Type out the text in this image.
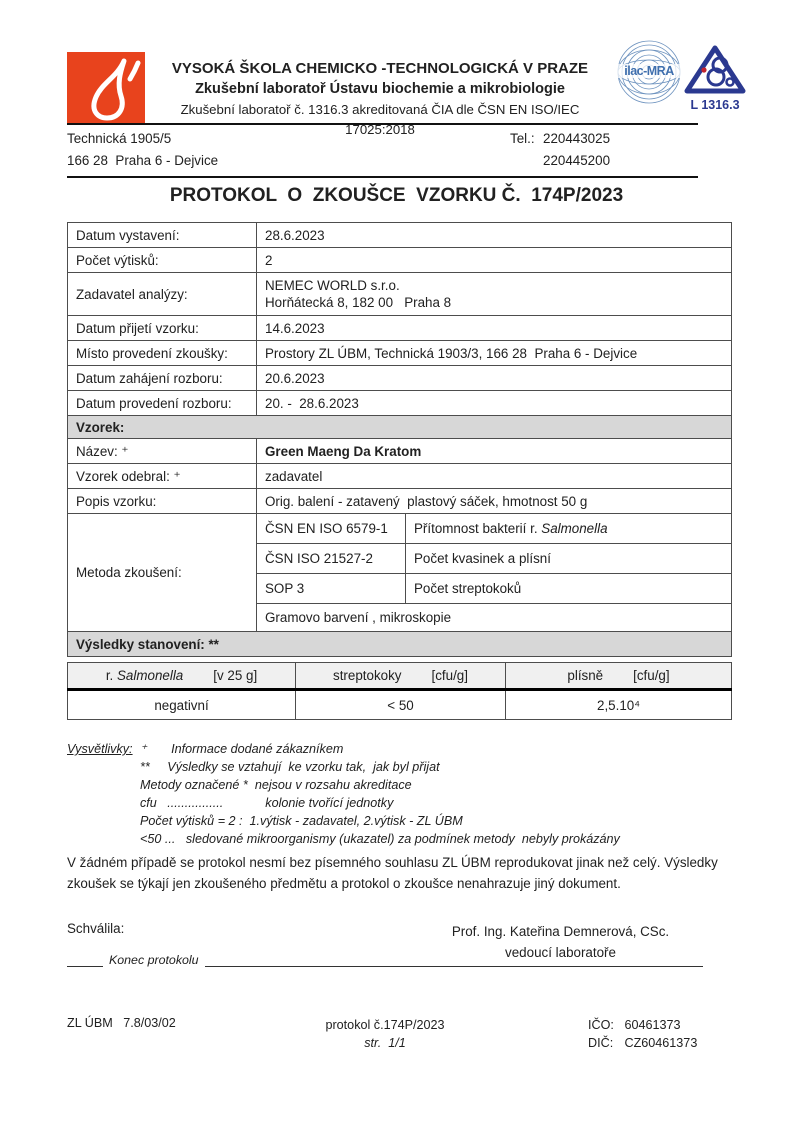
VYSOKÁ ŠKOLA CHEMICKO -TECHNOLOGICKÁ V PRAZE
Zkušební laboratoř Ústavu biochemie a mikrobiologie
Zkušební laboratoř č. 1316.3 akreditovaná ČIA dle ČSN EN ISO/IEC 17025:2018
ilac-MRA
L 1316.3
Technická 1905/5	Tel.: 220443025
166 28  Praha 6 - Dejvice	220445200
PROTOKOL  O  ZKOUŠCE  VZORKU Č.  174P/2023
Datum vystavení:	28.6.2023	
Počet výtisků:	2	
Zadavatel analýzy:	NEMEC WORLD s.r.o.
Horňátecká 8, 182 00   Praha 8	

Datum přijetí vzorku:	14.6.2023	
Místo provedení zkoušky:	Prostory ZL ÚBM, Technická 1903/3, 166 28  Praha 6 - Dejvice	
Datum zahájení rozboru:	20.6.2023	
Datum provedení rozboru:	20. -  28.6.2023	
Vzorek:		
Název: ⁺	Green Maeng Da Kratom	
Vzorek odebral: ⁺	zadavatel	
Popis vzorku:	Orig. balení - zatavený  plastový sáček, hmotnost 50 g	
Metoda zkoušení:	ČSN EN ISO 6579-1	Přítomnost bakterií r. Salmonella
	ČSN ISO 21527-2	Počet kvasinek a plísní
	SOP 3	Počet streptokoků
	Gramovo barvení , mikroskopie	
Výsledky stanovení: **		
r. Salmonella [v 25 g]	streptokoky [cfu/g]	plísně [cfu/g]

negativní	< 50	2,5.10⁴
Vysvětlivky: ⁺       Informace dodané zákazníkem
**     Výsledky se vztahují  ke vzorku tak,  jak byl přijat
Metody označené *  nejsou v rozsahu akreditace
cfu   ................            kolonie tvořící jednotky
Počet výtisků = 2 :  1.výtisk - zadavatel, 2.výtisk - ZL ÚBM
<50 ...   sledované mikroorganismy (ukazatel) za podmínek metody  nebyly prokázány

V žádném případě se protokol nesmí bez písemného souhlasu ZL ÚBM reprodukovat jinak než celý. Výsledky zkoušek se týkají jen zkoušeného předmětu a protokol o zkoušce nenahrazuje jiný dokument.

Schválila:	Prof. Ing. Kateřina Demnerová, CSc.
vedoucí laboratoře
Konec protokolu
ZL ÚBM   7.8/03/02	protokol č.174P/2023
str.  1/1
IČO: 60461373
DIČ: CZ60461373
